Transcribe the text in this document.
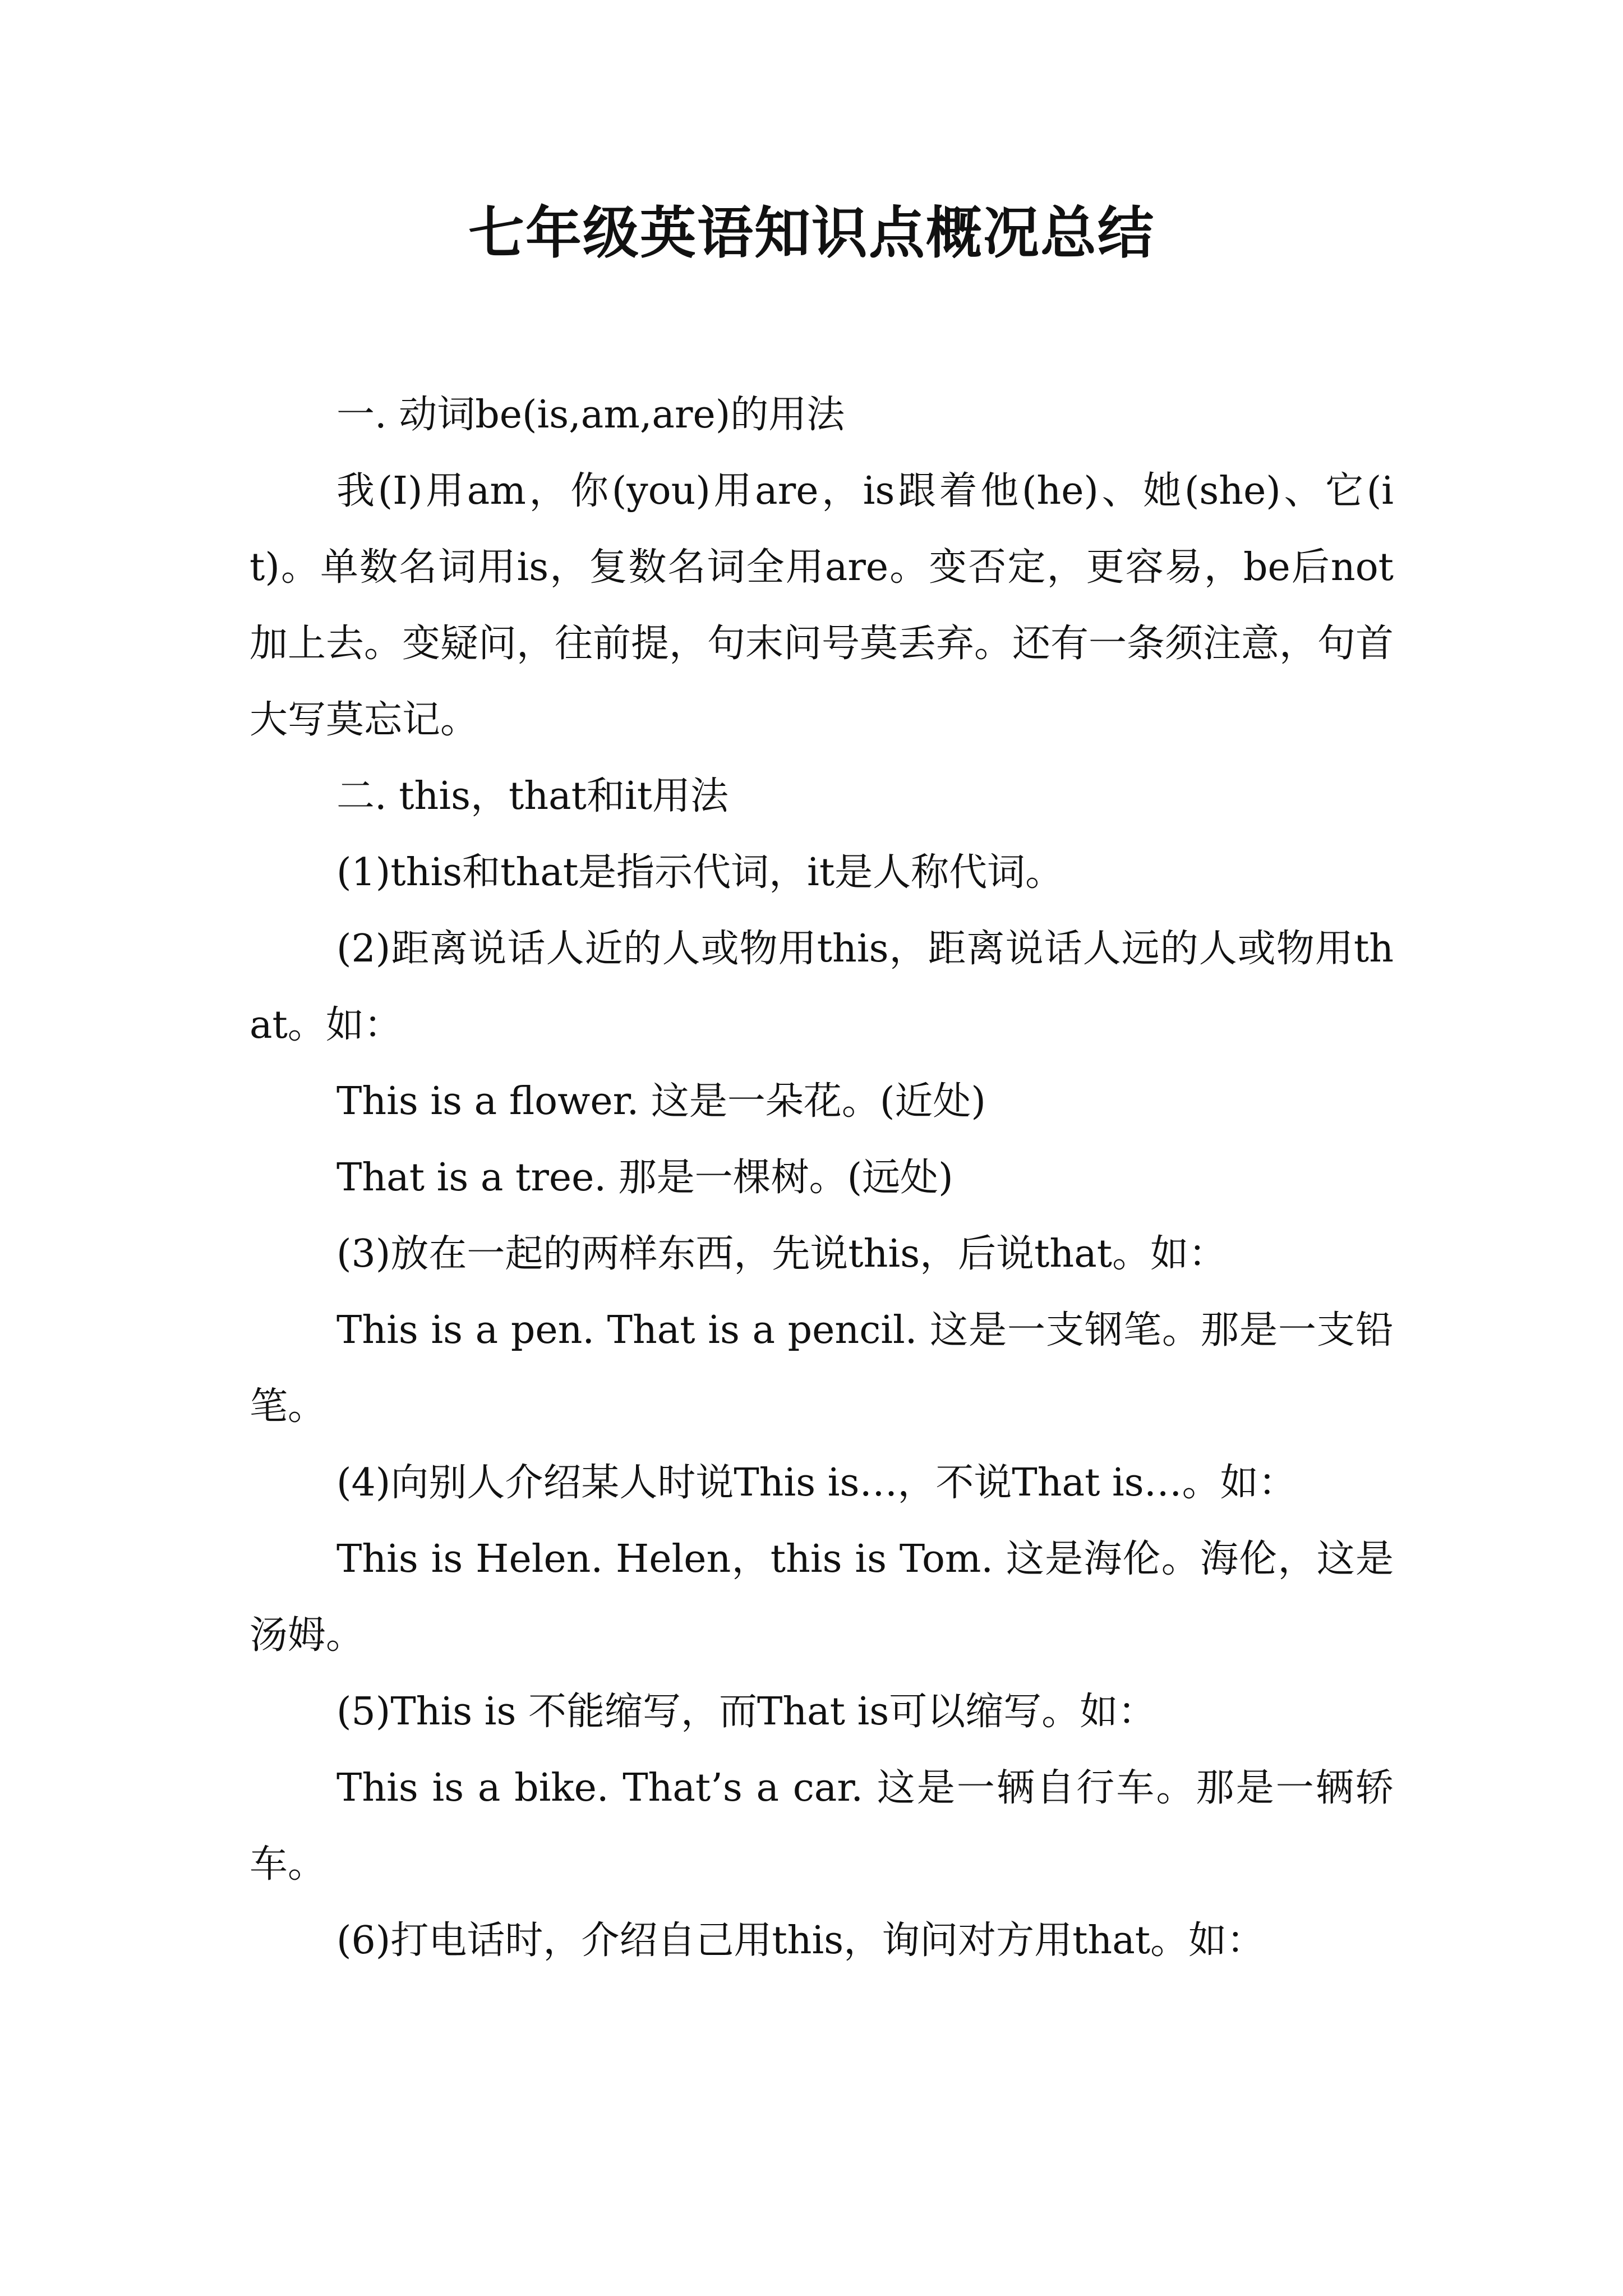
七年级英语知识点概况总结

一. 动词be(is,am,are)的用法

我(I)用am，你(you)用are，is跟着他(he)、她(she)、它(it)。单数名词用is，复数名词全用are。变否定，更容易，be后not加上去。变疑问，往前提，句末问号莫丢弃。还有一条须注意，句首大写莫忘记。

二. this，that和it用法

(1)this和that是指示代词，it是人称代词。

(2)距离说话人近的人或物用this，距离说话人远的人或物用that。如：

This is a flower. 这是一朵花。(近处)

That is a tree. 那是一棵树。(远处)

(3)放在一起的两样东西，先说this，后说that。如：

This is a pen. That is a pencil. 这是一支钢笔。那是一支铅笔。

(4)向别人介绍某人时说This is…，不说That is…。如：

This is Helen. Helen，this is Tom. 这是海伦。海伦，这是汤姆。

(5)This is 不能缩写，而That is可以缩写。如：

This is a bike. That’s a car. 这是一辆自行车。那是一辆轿车。

(6)打电话时，介绍自己用this，询问对方用that。如：
